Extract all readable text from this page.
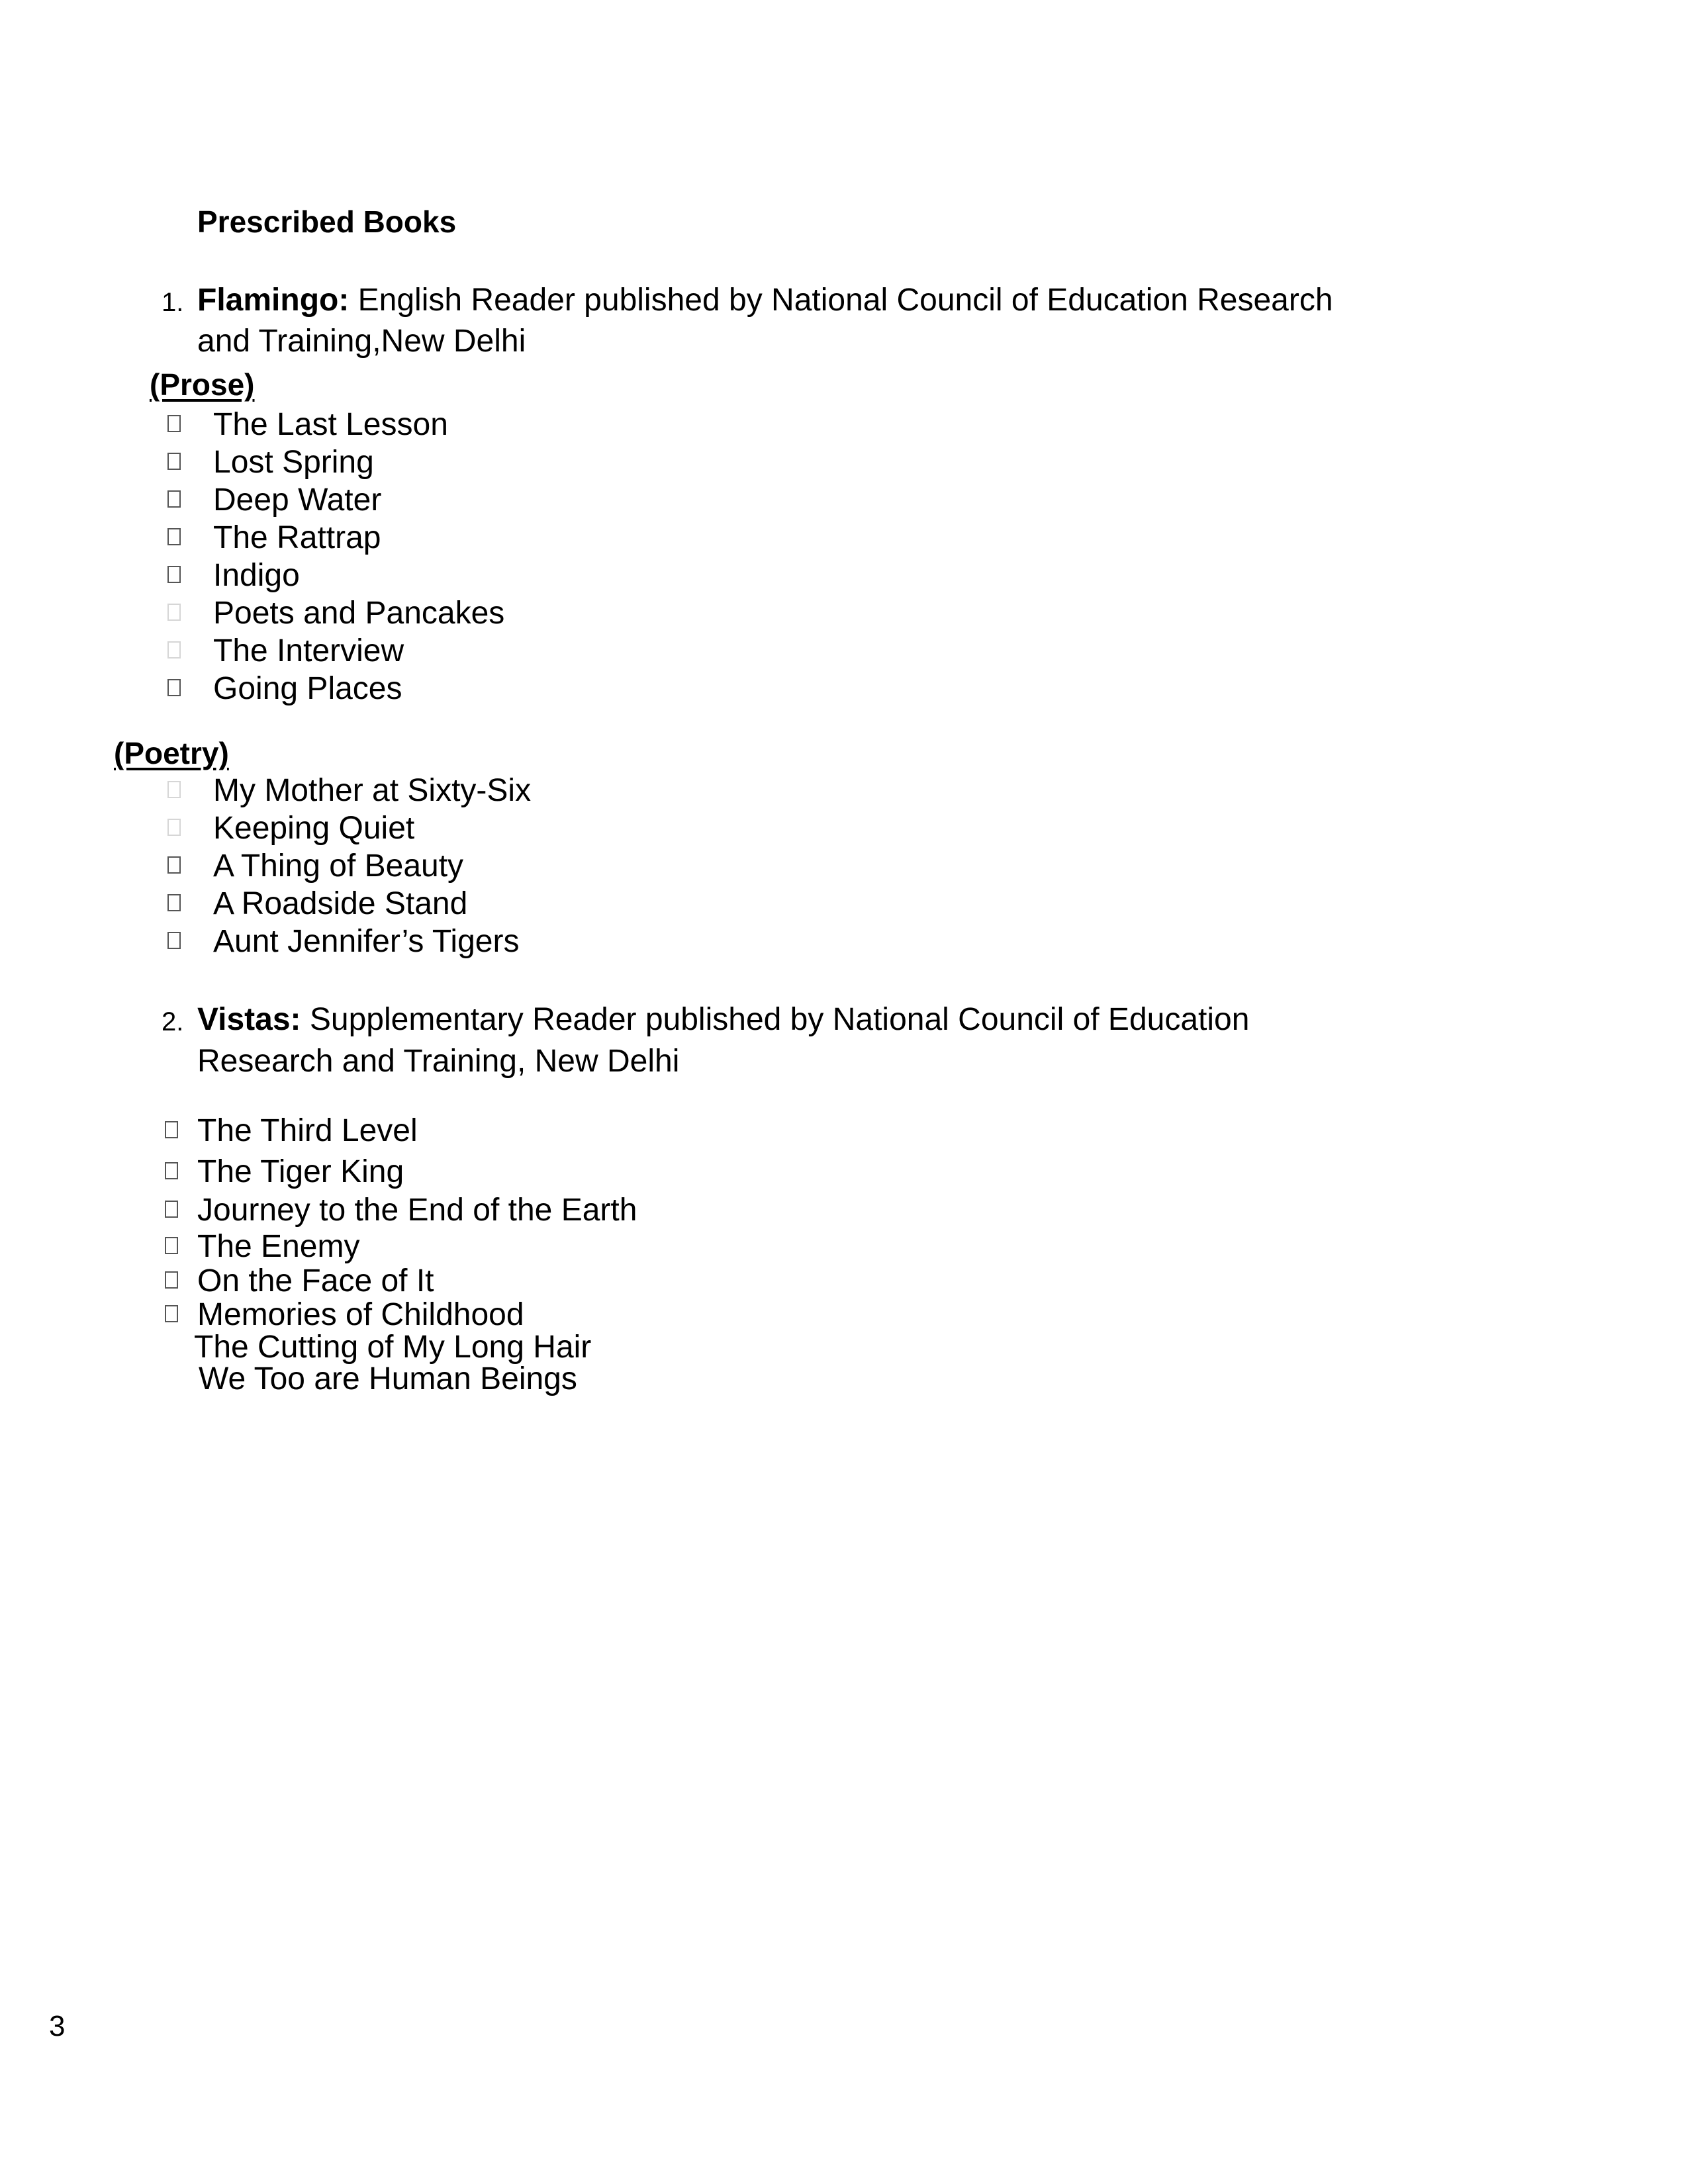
Prescribed Books
1. Flamingo: English Reader published by National Council of Education Research
and Training,New Delhi
(Prose)
The Last Lesson
Lost Spring
Deep Water
The Rattrap
Indigo
Poets and Pancakes
The Interview
Going Places
(Poetry)
My Mother at Sixty-Six
Keeping Quiet
A Thing of Beauty
A Roadside Stand
Aunt Jennifer’s Tigers
2. Vistas: Supplementary Reader published by National Council of Education
Research and Training, New Delhi
The Third Level
The Tiger King
Journey to the End of the Earth
The Enemy
On the Face of It
Memories of Childhood
The Cutting of My Long Hair
We Too are Human Beings
3
